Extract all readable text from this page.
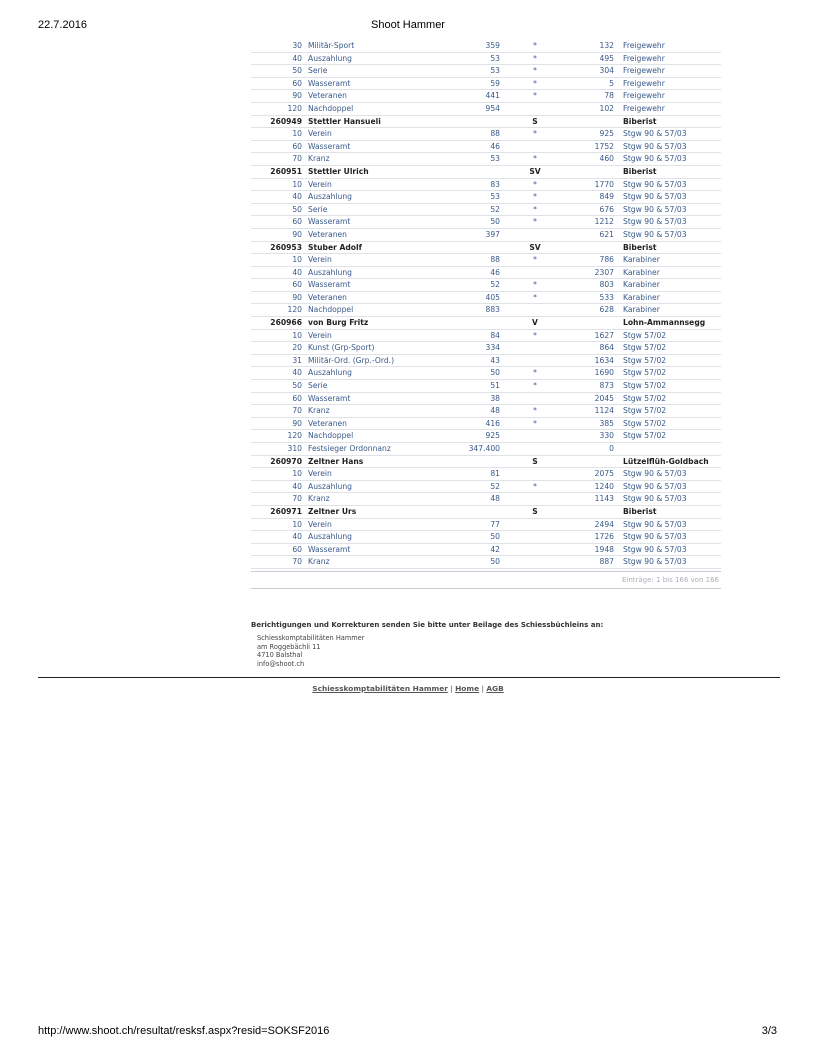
22.7.2016	Shoot Hammer
30	Militär-Sport	359	*	132	Freigewehr
40	Auszahlung	53	*	495	Freigewehr
50	Serie	53	*	304	Freigewehr
60	Wasseramt	59	*	5	Freigewehr
90	Veteranen	441	*	78	Freigewehr
120	Nachdoppel	954		102	Freigewehr
260949	Stettler Hansueli		S		Biberist
10	Verein	88	*	925	Stgw 90 & 57/03
60	Wasseramt	46		1752	Stgw 90 & 57/03
70	Kranz	53	*	460	Stgw 90 & 57/03
260951	Stettler Ulrich		SV		Biberist
10	Verein	83	*	1770	Stgw 90 & 57/03
40	Auszahlung	53	*	849	Stgw 90 & 57/03
50	Serie	52	*	676	Stgw 90 & 57/03
60	Wasseramt	50	*	1212	Stgw 90 & 57/03
90	Veteranen	397		621	Stgw 90 & 57/03
260953	Stuber Adolf		SV		Biberist
10	Verein	88	*	786	Karabiner
40	Auszahlung	46		2307	Karabiner
60	Wasseramt	52	*	803	Karabiner
90	Veteranen	405	*	533	Karabiner
120	Nachdoppel	883		628	Karabiner
260966	von Burg Fritz		V		Lohn-Ammannsegg
10	Verein	84	*	1627	Stgw 57/02
20	Kunst (Grp-Sport)	334		864	Stgw 57/02
31	Militär-Ord. (Grp.-Ord.)	43		1634	Stgw 57/02
40	Auszahlung	50	*	1690	Stgw 57/02
50	Serie	51	*	873	Stgw 57/02
60	Wasseramt	38		2045	Stgw 57/02
70	Kranz	48	*	1124	Stgw 57/02
90	Veteranen	416	*	385	Stgw 57/02
120	Nachdoppel	925		330	Stgw 57/02
310	Festsieger Ordonnanz	347.400		0	
260970	Zeltner Hans		S		Lützelflüh-Goldbach
10	Verein	81		2075	Stgw 90 & 57/03
40	Auszahlung	52	*	1240	Stgw 90 & 57/03
70	Kranz	48		1143	Stgw 90 & 57/03
260971	Zeltner Urs		S		Biberist
10	Verein	77		2494	Stgw 90 & 57/03
40	Auszahlung	50		1726	Stgw 90 & 57/03
60	Wasseramt	42		1948	Stgw 90 & 57/03
70	Kranz	50		887	Stgw 90 & 57/03
Einträge: 1 bis 166 von 166
Berichtigungen und Korrekturen senden Sie bitte unter Beilage des Schiessbüchleins an:
Schiesskomptabilitäten Hammer
am Roggebächli 11
4710 Balsthal
info@shoot.ch
Schiesskomptabilitäten Hammer | Home | AGB
http://www.shoot.ch/resultat/resksf.aspx?resid=SOKSF2016	3/3
